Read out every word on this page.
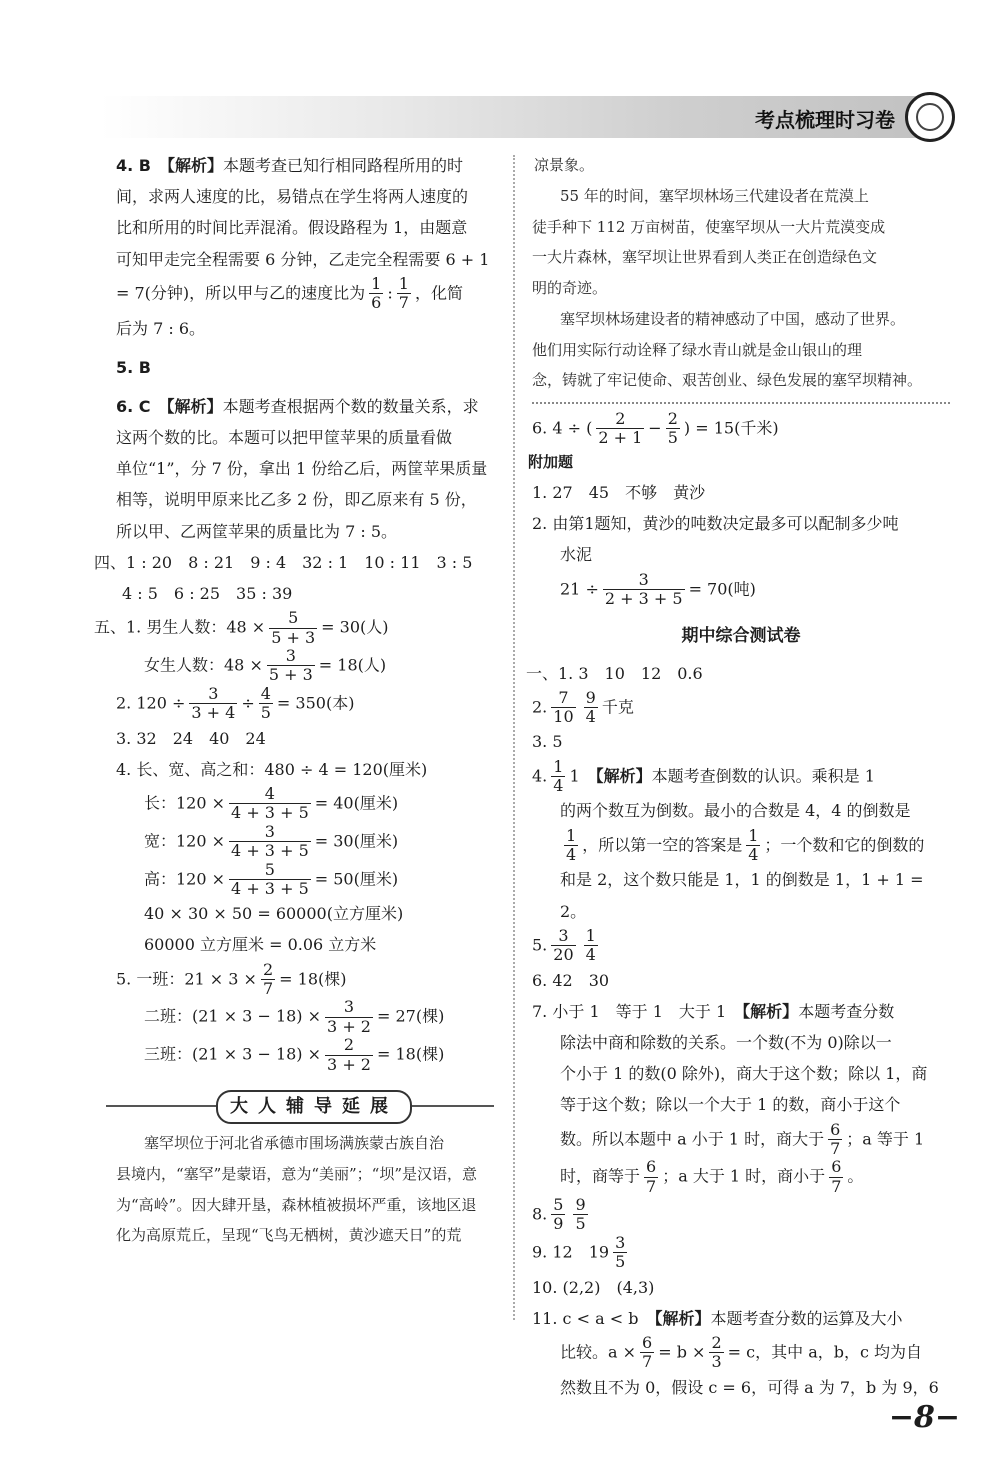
考点梳理时习卷

4. B　 【解析】本题考查已知行相同路程所用的时

间，求两人速度的比，易错点在学生将两人速度的

比和所用的时间比弄混淆。假设路程为 1，由题意

可知甲走完全程需要 6 分钟，乙走完全程需要 6 + 1

= 7(分钟)，所以甲与乙的速度比为 $\frac{1}{6}$ : $\frac{1}{7}$ ，化简

后为 7 : 6。

5. B

6. C　 【解析】本题考查根据两个数的数量关系，求

这两个数的比。本题可以把甲筐苹果的质量看做

单位“1”，分 7 份，拿出 1 份给乙后，两筐苹果质量

相等，说明甲原来比乙多 2 份，即乙原来有 5 份，

所以甲、乙两筐苹果的质量比为 7 : 5。

四、1 : 20　8 : 21　9 : 4　32 : 1　10 : 11　3 : 5

4 : 5　6 : 25　35 : 39

五、1. 男生人数：$48 \times \frac{5}{5 + 3} = 30$(人)

女生人数：$48 \times \frac{3}{5 + 3} = 18$(人)

2. $120 \div \frac{3}{3 + 4} \div \frac{4}{5} = 350$(本)

3. 32　24　40　24

4. 长、宽、高之和：480 ÷ 4 = 120(厘米)

长：$120 \times \frac{4}{4 + 3 + 5} = 40$(厘米)

宽：$120 \times \frac{3}{4 + 3 + 5} = 30$(厘米)

高：$120 \times \frac{5}{4 + 3 + 5} = 50$(厘米)

40 × 30 × 50 = 60000(立方厘米)

60000 立方厘米 = 0.06 立方米

5. 一班：$21 \times 3 \times \frac{2}{7} = 18$(棵)

二班：$(21 \times 3 - 18) \times \frac{3}{3 + 2} = 27$(棵)

三班：$(21 \times 3 - 18) \times \frac{2}{3 + 2} = 18$(棵)

大人辅导延展

塞罕坝位于河北省承德市围场满族蒙古族自治

县境内，“塞罕”是蒙语，意为“美丽”；“坝”是汉语，意

为“高岭”。因大肆开垦，森林植被损坏严重，该地区退

化为高原荒丘，呈现“飞鸟无栖树，黄沙遮天日”的荒

凉景象。

55 年的时间，塞罕坝林场三代建设者在荒漠上

徒手种下 112 万亩树苗，使塞罕坝从一大片荒漠变成

一大片森林，塞罕坝让世界看到人类正在创造绿色文

明的奇迹。

塞罕坝林场建设者的精神感动了中国，感动了世界。

他们用实际行动诠释了绿水青山就是金山银山的理

念，铸就了牢记使命、艰苦创业、绿色发展的塞罕坝精神。

6. 4 ÷ ( $\frac{2}{2 + 1} - \frac{2}{5}$ ) = 15(千米)

附加题

1. 27　45　不够　黄沙

2. 由第1题知，黄沙的吨数决定最多可以配制多少吨

水泥

$21 \div \frac{3}{2 + 3 + 5} = 70$(吨)

期中综合测试卷

一、1. 3　10　12　0.6

2. $\frac{7}{10} \frac{9}{4}$ 千克

3. 5

4. $\frac{1}{4} 1$　 【解析】本题考查倒数的认识。乘积是 1

的两个数互为倒数。最小的合数是 4，4 的倒数是

$\frac{1}{4}$ ，所以第一空的答案是 $\frac{1}{4}$ ；一个数和它的倒数的

和是 2，这个数只能是 1，1 的倒数是 1，1 + 1 = 2。

5. $\frac{3}{20} \frac{1}{4}$

6. 42　30

7. 小于 1　等于 1　大于 1　 【解析】本题考查分数

除法中商和除数的关系。一个数(不为 0)除以一

个小于 1 的数(0 除外)，商大于这个数；除以 1，商

等于这个数；除以一个大于 1 的数，商小于这个

数。所以本题中 a 小于 1 时，商大于 $\frac{6}{7}$ ；a 等于 1

时，商等于 $\frac{6}{7}$ ；a 大于 1 时，商小于 $\frac{6}{7}$ 。

8. $\frac{5}{9} \frac{9}{5}$

9. 12　$19 \frac{3}{5}$

10. (2,2)　(4,3)

11. c < a < b　 【解析】本题考查分数的运算及大小

比较。$a \times \frac{6}{7} = b \times \frac{2}{3} = c$，其中 a，b，c 均为自

然数且不为 0，假设 c = 6，可得 a 为 7，b 为 9，6

−8−
